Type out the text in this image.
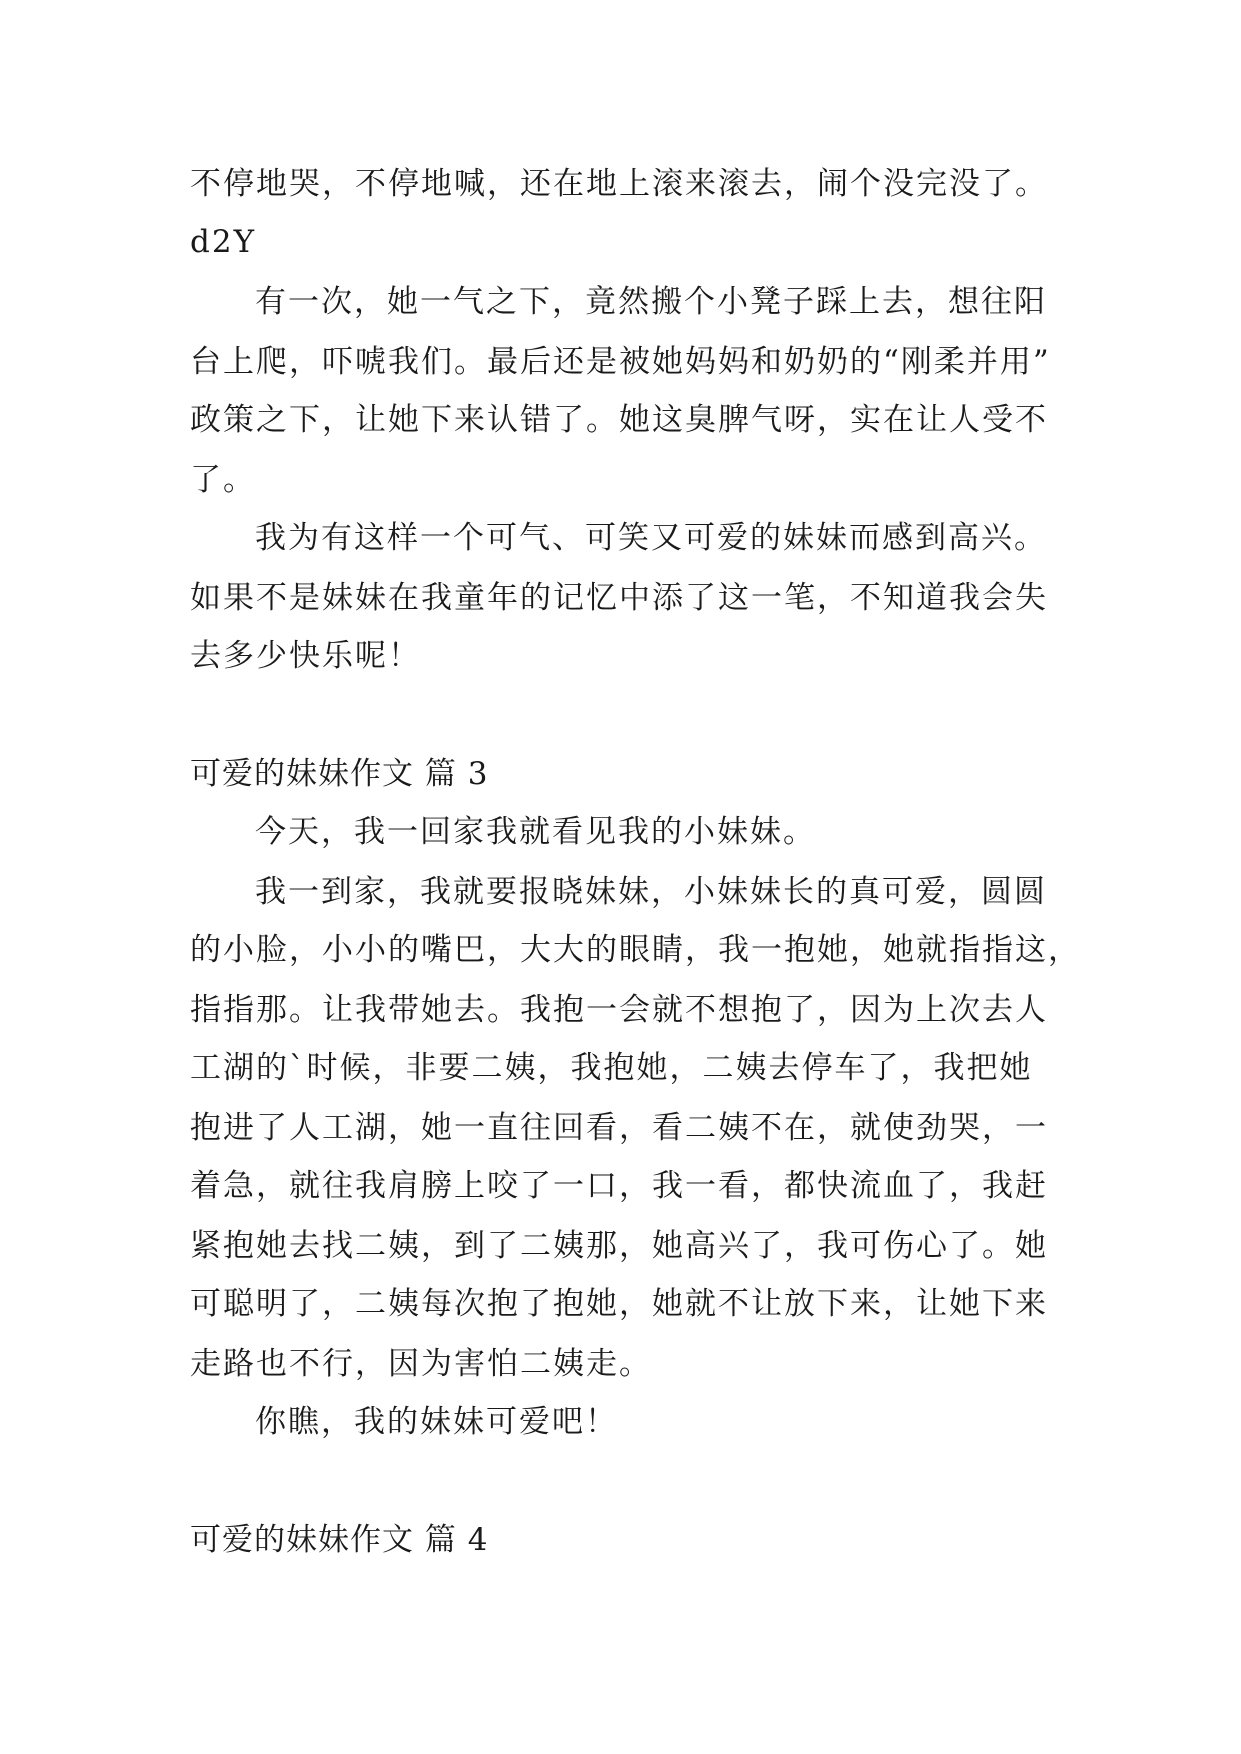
不停地哭，不停地喊，还在地上滚来滚去，闹个没完没了。
d2Y
有一次，她一气之下，竟然搬个小凳子踩上去，想往阳
台上爬，吓唬我们。最后还是被她妈妈和奶奶的“刚柔并用”
政策之下，让她下来认错了。她这臭脾气呀，实在让人受不
了。
我为有这样一个可气、可笑又可爱的妹妹而感到高兴。
如果不是妹妹在我童年的记忆中添了这一笔，不知道我会失
去多少快乐呢！
可爱的妹妹作文 篇 3
今天，我一回家我就看见我的小妹妹。
我一到家，我就要报晓妹妹，小妹妹长的真可爱，圆圆
的小脸，小小的嘴巴，大大的眼睛，我一抱她，她就指指这，
指指那。让我带她去。我抱一会就不想抱了，因为上次去人
工湖的`时候，非要二姨，我抱她，二姨去停车了，我把她
抱进了人工湖，她一直往回看，看二姨不在，就使劲哭，一
着急，就往我肩膀上咬了一口，我一看，都快流血了，我赶
紧抱她去找二姨，到了二姨那，她高兴了，我可伤心了。她
可聪明了，二姨每次抱了抱她，她就不让放下来，让她下来
走路也不行，因为害怕二姨走。
你瞧，我的妹妹可爱吧！
可爱的妹妹作文 篇 4
